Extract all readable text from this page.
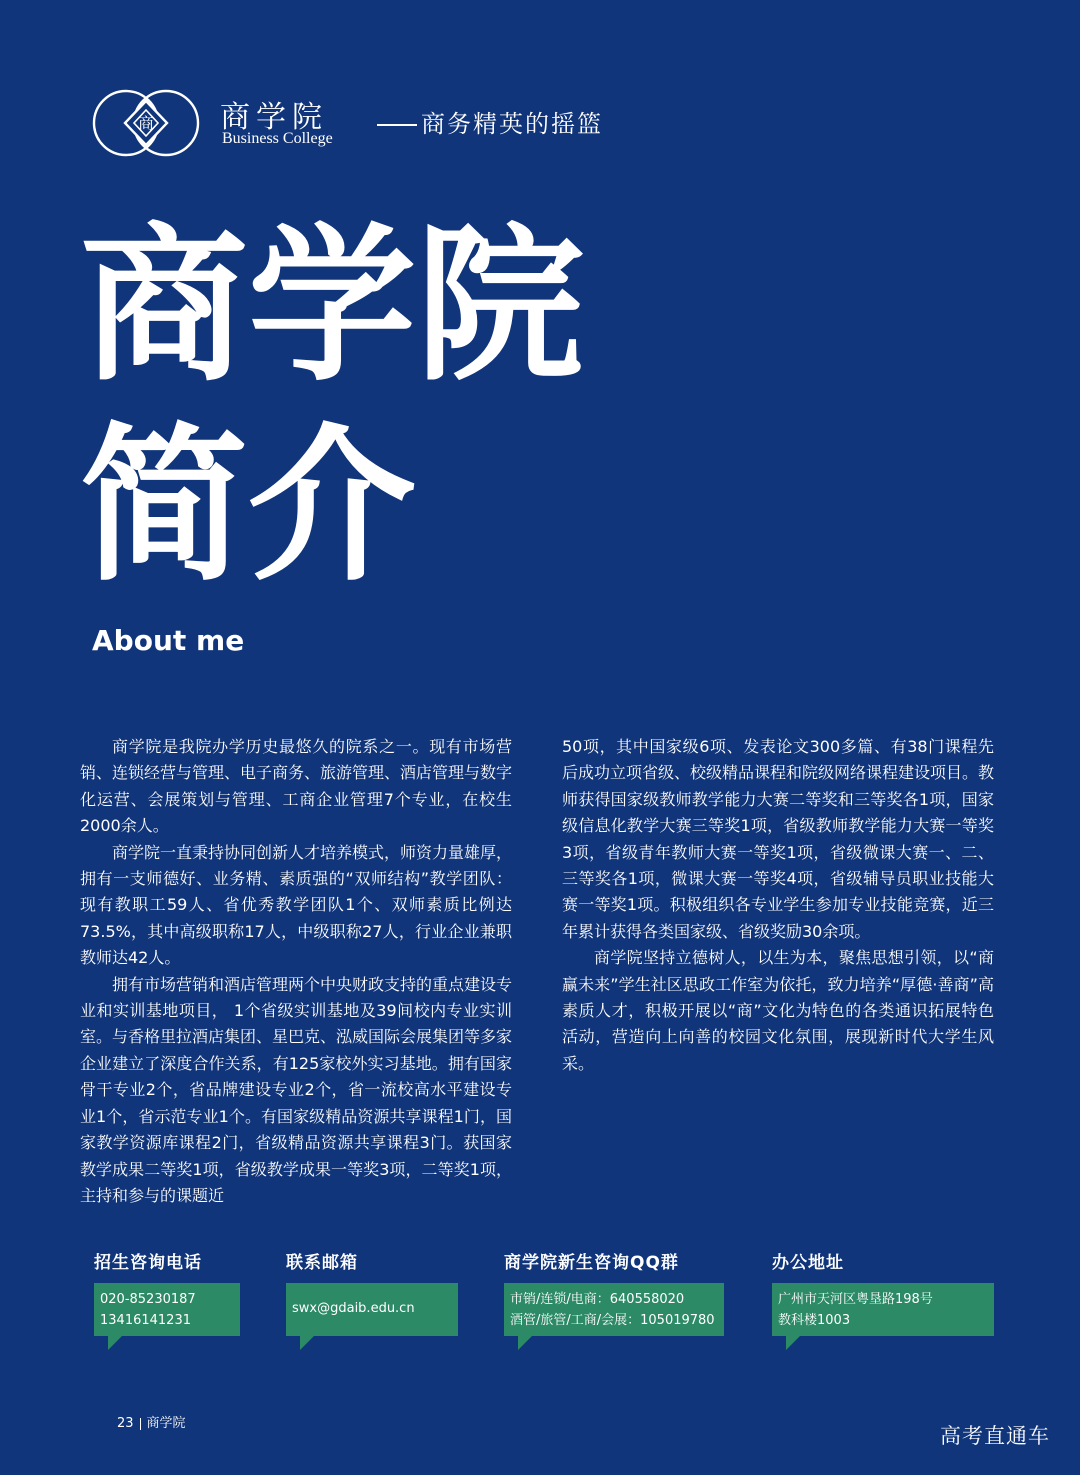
商 商学院
Business College
商务精英的摇篮
商学院
简介
About me

商学院是我院办学历史最悠久的院系之一。现有市场营销、连锁经营与管理、电子商务、旅游管理、酒店管理与数字化运营、会展策划与管理、工商企业管理7个专业，在校生2000余人。

商学院一直秉持协同创新人才培养模式，师资力量雄厚，拥有一支师德好、业务精、素质强的“双师结构”教学团队：现有教职工59人、省优秀教学团队1个、双师素质比例达73.5%，其中高级职称17人，中级职称27人，行业企业兼职教师达42人。

拥有市场营销和酒店管理两个中央财政支持的重点建设专业和实训基地项目， 1个省级实训基地及39间校内专业实训室。与香格里拉酒店集团、星巴克、泓威国际会展集团等多家企业建立了深度合作关系，有125家校外实习基地。拥有国家骨干专业2个，省品牌建设专业2个，省一流校高水平建设专业1个，省示范专业1个。有国家级精品资源共享课程1门，国家教学资源库课程2门，省级精品资源共享课程3门。获国家教学成果二等奖1项，省级教学成果一等奖3项，二等奖1项，主持和参与的课题近

50项，其中国家级6项、发表论文300多篇、有38门课程先后成功立项省级、校级精品课程和院级网络课程建设项目。教师获得国家级教师教学能力大赛二等奖和三等奖各1项，国家级信息化教学大赛三等奖1项，省级教师教学能力大赛一等奖3项，省级青年教师大赛一等奖1项，省级微课大赛一、二、三等奖各1项，微课大赛一等奖4项，省级辅导员职业技能大赛一等奖1项。积极组织各专业学生参加专业技能竞赛，近三年累计获得各类国家级、省级奖励30余项。

商学院坚持立德树人，以生为本，聚焦思想引领，以“商赢未来”学生社区思政工作室为依托，致力培养“厚德·善商”高素质人才，积极开展以“商”文化为特色的各类通识拓展特色活动，营造向上向善的校园文化氛围，展现新时代大学生风采。

招生咨询电话
020-85230187
13416141231
联系邮箱
swx@gdaib.edu.cn
商学院新生咨询QQ群
市销/连锁/电商：640558020
酒管/旅管/工商/会展：105019780
办公地址
广州市天河区粤垦路198号
教科楼1003
23 商学院
高考直通车
